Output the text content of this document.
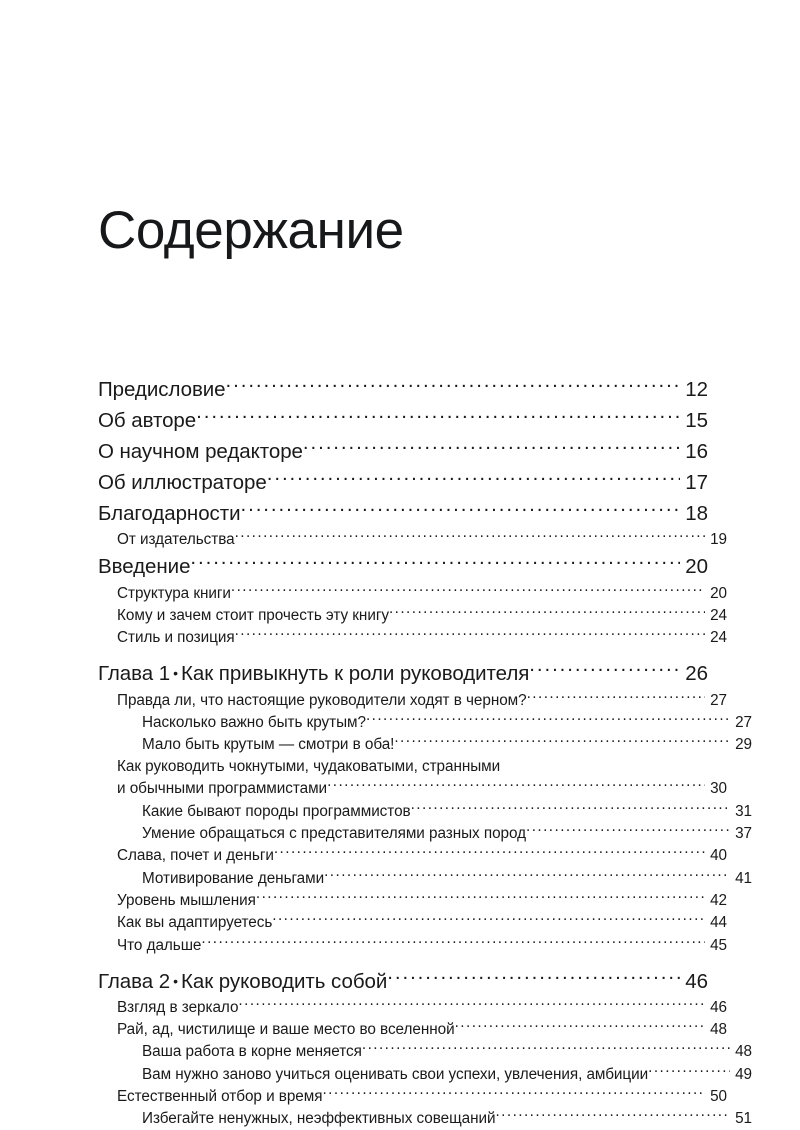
Содержание
Предисловие .....	12
Об авторе .....	15
О научном редакторе .....	16
Об иллюстраторе .....	17
Благодарности .....	18
От издательства .....	19
Введение .....	20
Структура книги .....	20
Кому и зачем стоит прочесть эту книгу .....	24
Стиль и позиция .....	24
Глава 1 • Как привыкнуть к роли руководителя .....	26
Правда ли, что настоящие руководители ходят в черном? .....	27
Насколько важно быть крутым? .....	27
Мало быть крутым — смотри в оба! .....	29
Как руководить чокнутыми, чудаковатыми, странными
и обычными программистами .....	30
Какие бывают породы программистов .....	31
Умение обращаться с представителями разных пород .....	37
Слава, почет и деньги .....	40
Мотивирование деньгами .....	41
Уровень мышления .....	42
Как вы адаптируетесь .....	44
Что дальше .....	45
Глава 2 • Как руководить собой .....	46
Взгляд в зеркало .....	46
Рай, ад, чистилище и ваше место во вселенной .....	48
Ваша работа в корне меняется .....	48
Вам нужно заново учиться оценивать свои успехи, увлечения, амбиции .....	49
Естественный отбор и время .....	50
Избегайте ненужных, неэффективных совещаний .....	51
